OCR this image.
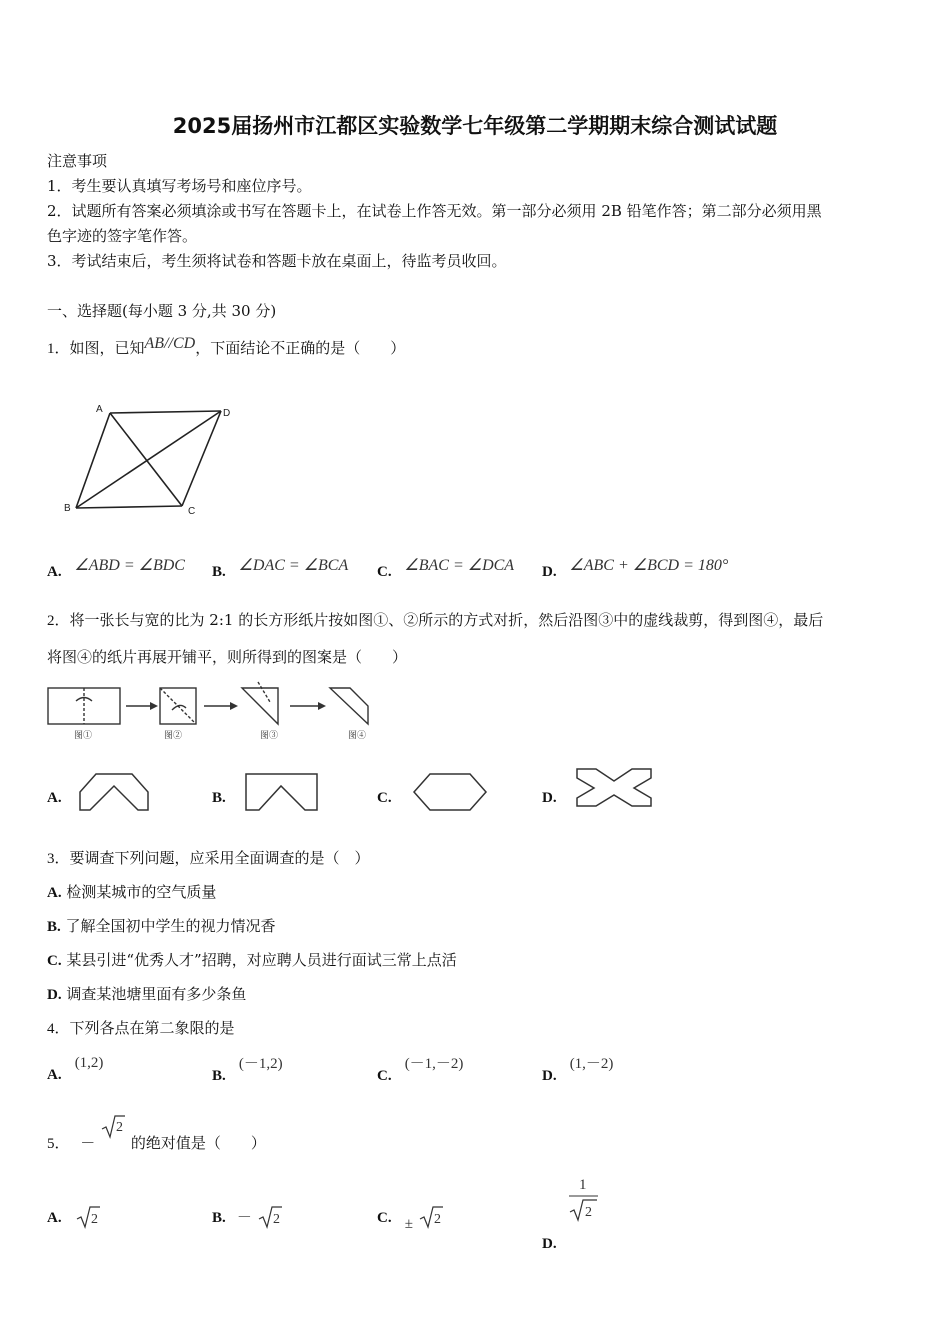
2025届扬州市江都区实验数学七年级第二学期期末综合测试试题
注意事项
1．考生要认真填写考场号和座位序号。
2．试题所有答案必须填涂或书写在答题卡上，在试卷上作答无效。第一部分必须用 2B 铅笔作答；第二部分必须用黑
色字迹的签字笔作答。
3．考试结束后，考生须将试卷和答题卡放在桌面上，待监考员收回。
一、选择题(每小题 3 分,共 30 分)
1．如图，已知AB//CD，下面结论不正确的是（　　）
A
B	C
D
A. ∠ABD = ∠BDC B. ∠DAC = ∠BCA C. ∠BAC = ∠DCA D. ∠ABC + ∠BCD = 180°
2．将一张长与宽的比为 2:1 的长方形纸片按如图①、②所示的方式对折，然后沿图③中的虚线裁剪，得到图④，最后
将图④的纸片再展开铺平，则所得到的图案是（　　）
图①	图②	图③	图④
A.	B.	C.	D.
3．要调查下列问题，应采用全面调查的是（　）
A. 检测某城市的空气质量
B. 了解全国初中学生的视力情况香
C. 某县引进“优秀人才”招聘，对应聘人员进行面试三常上点活
D. 调查某池塘里面有多少条鱼
4．下列各点在第二象限的是
A. (1,2)
B. (－1,2)
C. (－1,－2)
D. (1,－2)
5． －
2
的绝对值是（　　）
A. 2	B. － 2	C. ± 2
D.
1
2
